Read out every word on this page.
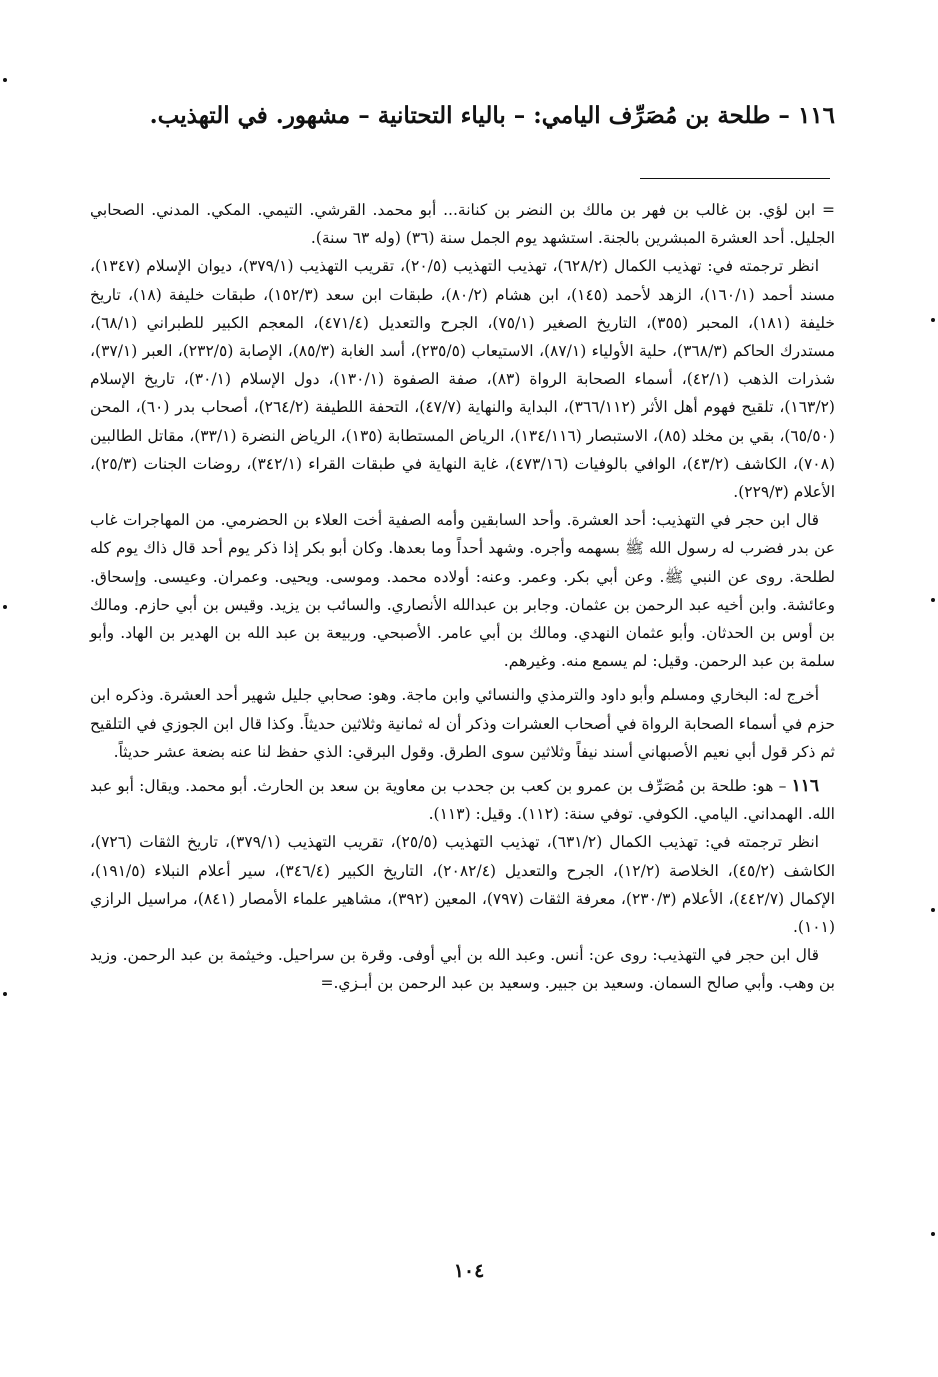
١١٦ – طلحة بن مُصَرِّف اليامي: – بالياء التحتانية – مشهور. في التهذيب.

= ابن لؤي. بن غالب بن فهر بن مالك بن النضر بن كنانة... أبو محمد. القرشي. التيمي. المكي. المدني. الصحابي الجليل. أحد العشرة المبشرين بالجنة. استشهد يوم الجمل سنة (٣٦) (وله ٦٣ سنة).

انظر ترجمته في: تهذيب الكمال (٦٢٨/٢)، تهذيب التهذيب (٢٠/٥)، تقريب التهذيب (٣٧٩/١)، ديوان الإسلام (١٣٤٧)، مسند أحمد (١٦٠/١)، الزهد لأحمد (١٤٥)، ابن هشام (٨٠/٢)، طبقات ابن سعد (١٥٢/٣)، طبقات خليفة (١٨)، تاريخ خليفة (١٨١)، المحبر (٣٥٥)، التاريخ الصغير (٧٥/١)، الجرح والتعديل (٤٧١/٤)، المعجم الكبير للطبراني (٦٨/١)، مستدرك الحاكم (٣٦٨/٣)، حلية الأولياء (٨٧/١)، الاستيعاب (٢٣٥/٥)، أسد الغابة (٨٥/٣)، الإصابة (٢٣٢/٥)، العبر (٣٧/١)، شذرات الذهب (٤٢/١)، أسماء الصحابة الرواة (٨٣)، صفة الصفوة (١٣٠/١)، دول الإسلام (٣٠/١)، تاريخ الإسلام (١٦٣/٢)، تلقيح فهوم أهل الأثر (٣٦٦/١١٢)، البداية والنهاية (٤٧/٧)، التحفة اللطيفة (٢٦٤/٢)، أصحاب بدر (٦٠)، المحن (٦٥/٥٠)، بقي بن مخلد (٨٥)، الاستبصار (١٣٤/١١٦)، الرياض المستطابة (١٣٥)، الرياض النضرة (٣٣/١)، مقاتل الطالبين (٧٠٨)، الكاشف (٤٣/٢)، الوافي بالوفيات (٤٧٣/١٦)، غاية النهاية في طبقات القراء (٣٤٢/١)، روضات الجنات (٢٥/٣)، الأعلام (٢٢٩/٣).

قال ابن حجر في التهذيب: أحد العشرة. وأحد السابقين وأمه الصفية أخت العلاء بن الحضرمي. من المهاجرات غاب عن بدر فضرب له رسول الله ﷺ بسهمه وأجره. وشهد أحداً وما بعدها. وكان أبو بكر إذا ذكر يوم أحد قال ذاك يوم كله لطلحة. روى عن النبي ﷺ. وعن أبي بكر. وعمر. وعنه: أولاده محمد. وموسى. ويحيى. وعمران. وعيسى. وإسحاق. وعائشة. وابن أخيه عبد الرحمن بن عثمان. وجابر بن عبدالله الأنصاري. والسائب بن يزيد. وقيس بن أبي حازم. ومالك بن أوس بن الحدثان. وأبو عثمان النهدي. ومالك بن أبي عامر. الأصبحي. وربيعة بن عبد الله بن الهدير بن الهاد. وأبو سلمة بن عبد الرحمن. وقيل: لم يسمع منه. وغيرهم.

أخرج له: البخاري ومسلم وأبو داود والترمذي والنسائي وابن ماجة. وهو: صحابي جليل شهير أحد العشرة. وذكره ابن حزم في أسماء الصحابة الرواة في أصحاب العشرات وذكر أن له ثمانية وثلاثين حديثاً. وكذا قال ابن الجوزي في التلقيح ثم ذكر قول أبي نعيم الأصبهاني أسند نيفاً وثلاثين سوى الطرق. وقول البرقي: الذي حفظ لنا عنه بضعة عشر حديثاً.

١١٦ – هو: طلحة بن مُصَرِّف بن عمرو بن كعب بن جحدب بن معاوية بن سعد بن الحارث. أبو محمد. ويقال: أبو عبد الله. الهمداني. اليامي. الكوفي. توفي سنة: (١١٢). وقيل: (١١٣).

انظر ترجمته في: تهذيب الكمال (٦٣١/٢)، تهذيب التهذيب (٢٥/٥)، تقريب التهذيب (٣٧٩/١)، تاريخ الثقات (٧٢٦)، الكاشف (٤٥/٢)، الخلاصة (١٢/٢)، الجرح والتعديل (٢٠٨٢/٤)، التاريخ الكبير (٣٤٦/٤)، سير أعلام النبلاء (١٩١/٥)، الإكمال (٤٤٢/٧)، الأعلام (٢٣٠/٣)، معرفة الثقات (٧٩٧)، المعين (٣٩٢)، مشاهير علماء الأمصار (٨٤١)، مراسيل الرازي (١٠١).

قال ابن حجر في التهذيب: روى عن: أنس. وعبد الله بن أبي أوفى. وقرة بن سراحيل. وخيثمة بن عبد الرحمن. وزيد بن وهب. وأبي صالح السمان. وسعيد بن جبير. وسعيد بن عبد الرحمن بن أبـزي.=

١٠٤
